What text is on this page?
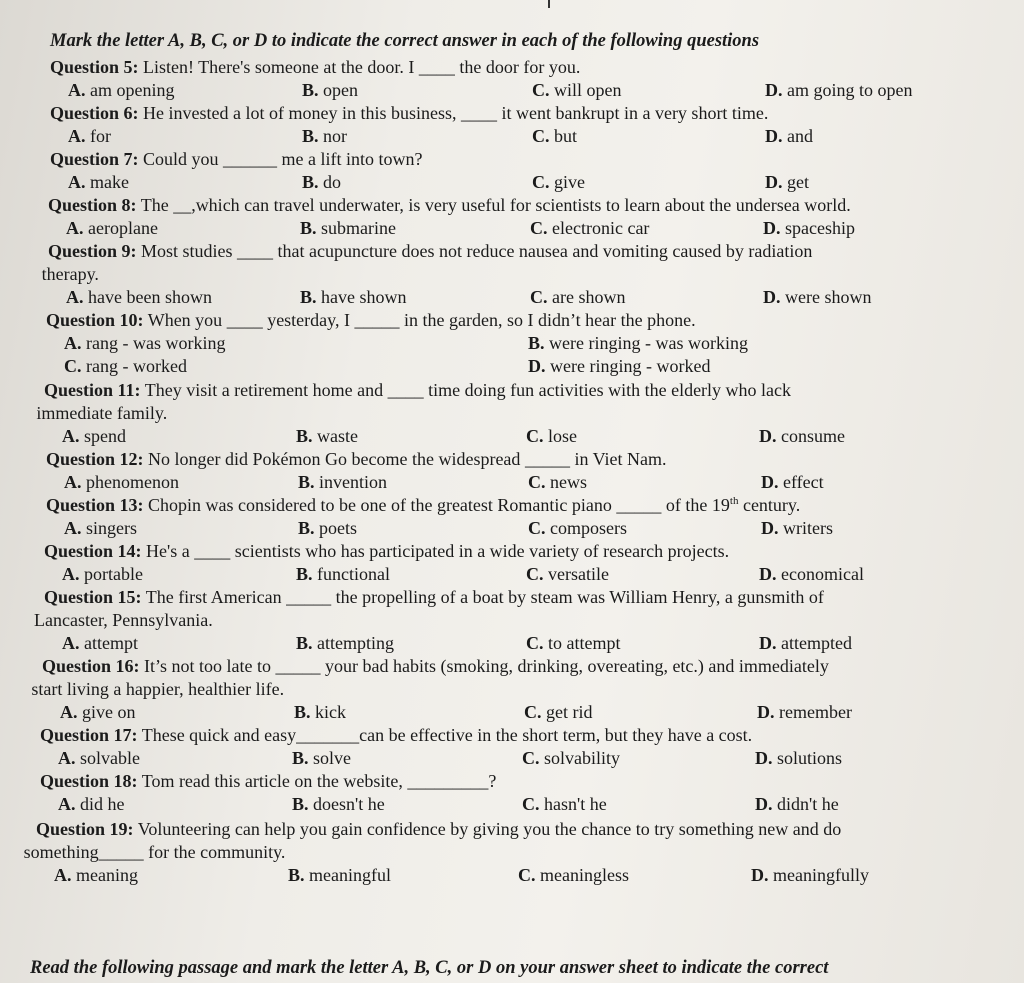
Mark the letter A, B, C, or D to indicate the correct answer in each of the following questions
Question 5: Listen! There's someone at the door. I ____ the door for you.
A. am opening	B. open	C. will open	D. am going to open
Question 6: He invested a lot of money in this business, ____ it went bankrupt in a very short time.
A. for	B. nor	C. but	D. and
Question 7: Could you ______ me a lift into town?
A. make	B. do	C. give	D. get
Question 8: The __,which can travel underwater, is very useful for scientists to learn about the undersea world.
A. aeroplane	B. submarine	C. electronic car	D. spaceship
Question 9: Most studies ____ that acupuncture does not reduce nausea and vomiting caused by radiation
therapy.
A. have been shown	B. have shown	C. are shown	D. were shown
Question 10: When you ____ yesterday, I _____ in the garden, so I didn’t hear the phone.
A. rang - was working	B. were ringing - was working
C. rang - worked	D. were ringing - worked
Question 11: They visit a retirement home and ____ time doing fun activities with the elderly who lack
immediate family.
A. spend	B. waste	C. lose	D. consume
Question 12: No longer did Pokémon Go become the widespread _____ in Viet Nam.
A. phenomenon	B. invention	C. news	D. effect
Question 13: Chopin was considered to be one of the greatest Romantic piano _____ of the 19th century.
A. singers	B. poets	C. composers	D. writers
Question 14: He's a ____ scientists who has participated in a wide variety of research projects.
A. portable	B. functional	C. versatile	D. economical
Question 15: The first American _____ the propelling of a boat by steam was William Henry, a gunsmith of
Lancaster, Pennsylvania.
A. attempt	B. attempting	C. to attempt	D. attempted
Question 16: It’s not too late to _____ your bad habits (smoking, drinking, overeating, etc.) and immediately
start living a happier, healthier life.
A. give on	B. kick	C. get rid	D. remember
Question 17: These quick and easy_______can be effective in the short term, but they have a cost.
A. solvable	B. solve	C. solvability	D. solutions
Question 18: Tom read this article on the website, _________?
A. did he	B. doesn't he	C. hasn't he	D. didn't he
Question 19: Volunteering can help you gain confidence by giving you the chance to try something new and do
something_____ for the community.
A. meaning	B. meaningful	C. meaningless	D. meaningfully
Read the following passage and mark the letter A, B, C, or D on your answer sheet to indicate the correct
